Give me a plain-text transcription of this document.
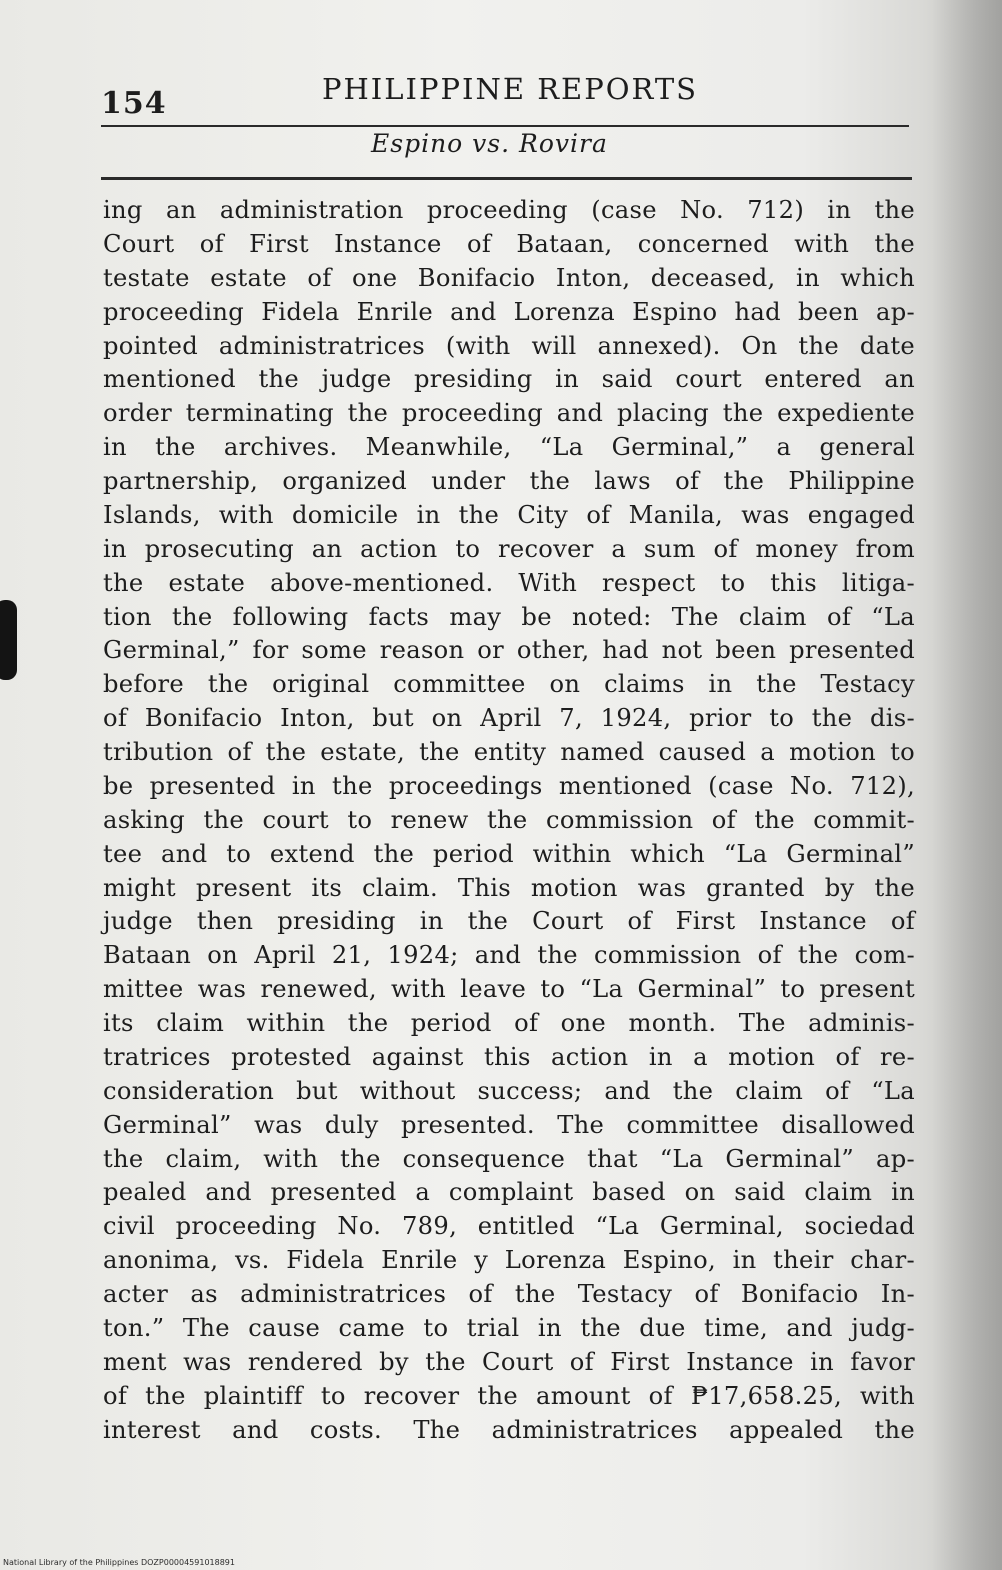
154	PHILIPPINE REPORTS
Espino vs. Rovira
ing an administration proceeding (case No. 712) in the
Court of First Instance of Bataan, concerned with the
testate estate of one Bonifacio Inton, deceased, in which
proceeding Fidela Enrile and Lorenza Espino had been ap-
pointed administratrices (with will annexed). On the date
mentioned the judge presiding in said court entered an
order terminating the proceeding and placing the expediente
in the archives. Meanwhile, “La Germinal,” a general
partnership, organized under the laws of the Philippine
Islands, with domicile in the City of Manila, was engaged
in prosecuting an action to recover a sum of money from
the estate above-mentioned. With respect to this litiga-
tion the following facts may be noted: The claim of “La
Germinal,” for some reason or other, had not been presented
before the original committee on claims in the Testacy
of Bonifacio Inton, but on April 7, 1924, prior to the dis-
tribution of the estate, the entity named caused a motion to
be presented in the proceedings mentioned (case No. 712),
asking the court to renew the commission of the commit-
tee and to extend the period within which “La Germinal”
might present its claim. This motion was granted by the
judge then presiding in the Court of First Instance of
Bataan on April 21, 1924; and the commission of the com-
mittee was renewed, with leave to “La Germinal” to present
its claim within the period of one month. The adminis-
tratrices protested against this action in a motion of re-
consideration but without success; and the claim of “La
Germinal” was duly presented. The committee disallowed
the claim, with the consequence that “La Germinal” ap-
pealed and presented a complaint based on said claim in
civil proceeding No. 789, entitled “La Germinal, sociedad
anonima, vs. Fidela Enrile y Lorenza Espino, in their char-
acter as administratrices of the Testacy of Bonifacio In-
ton.” The cause came to trial in the due time, and judg-
ment was rendered by the Court of First Instance in favor
of the plaintiff to recover the amount of ₱17,658.25, with
interest and costs. The administratrices appealed the
National Library of the Philippines DOZP00004591018891
